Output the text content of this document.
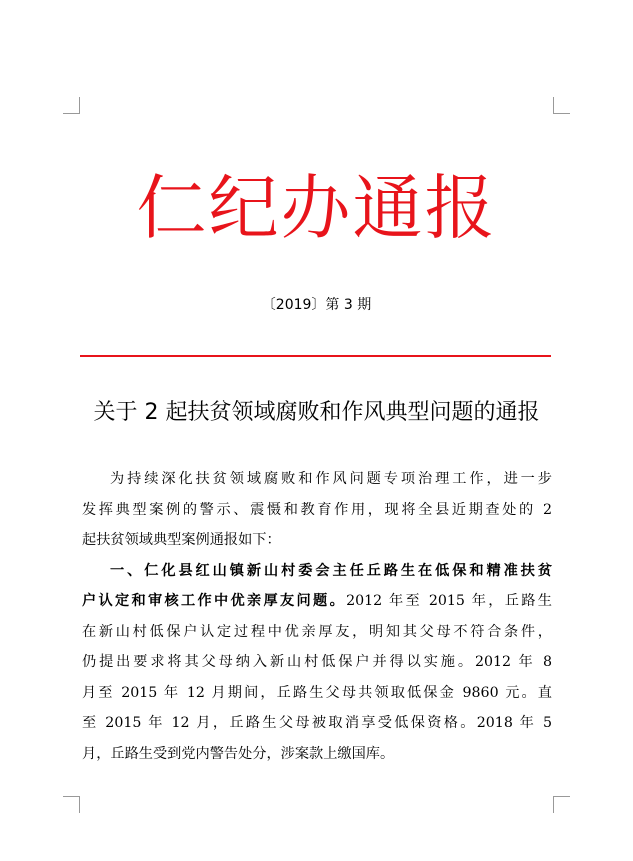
仁纪办通报
〔2019〕第 3 期
关于 2 起扶贫领域腐败和作风典型问题的通报
为持续深化扶贫领域腐败和作风问题专项治理工作，进一步
发挥典型案例的警示、震慑和教育作用，现将全县近期查处的 2
起扶贫领域典型案例通报如下：
一、仁化县红山镇新山村委会主任丘路生在低保和精准扶贫
户认定和审核工作中优亲厚友问题。2012 年至 2015 年，丘路生
在新山村低保户认定过程中优亲厚友，明知其父母不符合条件，
仍提出要求将其父母纳入新山村低保户并得以实施。2012 年 8
月至 2015 年 12 月期间，丘路生父母共领取低保金 9860 元。直
至 2015 年 12 月，丘路生父母被取消享受低保资格。2018 年 5
月，丘路生受到党内警告处分，涉案款上缴国库。
